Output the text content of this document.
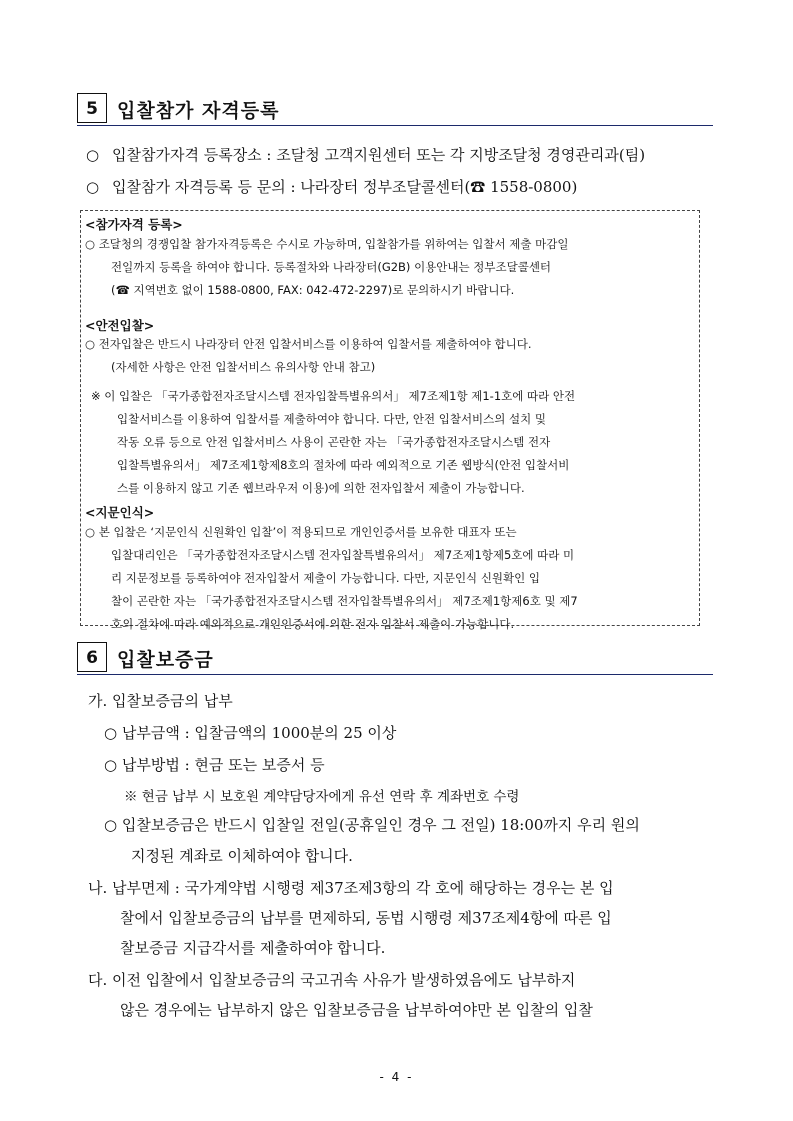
5	입찰참가 자격등록
○ 입찰참가자격 등록장소 : 조달청 고객지원센터 또는 각 지방조달청 경영관리과(팀)
○ 입찰참가 자격등록 등 문의 : 나라장터 정부조달콜센터(☎ 1558-0800)
<참가자격 등록>
○ 조달청의 경쟁입찰 참가자격등록은 수시로 가능하며, 입찰참가를 위하여는 입찰서 제출 마감일
전일까지 등록을 하여야 합니다. 등록절차와 나라장터(G2B) 이용안내는 정부조달콜센터
(☎ 지역번호 없이 1588-0800, FAX: 042-472-2297)로 문의하시기 바랍니다.
<안전입찰>
○ 전자입찰은 반드시 나라장터 안전 입찰서비스를 이용하여 입찰서를 제출하여야 합니다.
(자세한 사항은 안전 입찰서비스 유의사항 안내 참고)
※ 이 입찰은 「국가종합전자조달시스템 전자입찰특별유의서」 제7조제1항 제1-1호에 따라 안전
입찰서비스를 이용하여 입찰서를 제출하여야 합니다. 다만, 안전 입찰서비스의 설치 및
작동 오류 등으로 안전 입찰서비스 사용이 곤란한 자는 「국가종합전자조달시스템 전자
입찰특별유의서」 제7조제1항제8호의 절차에 따라 예외적으로 기존 웹방식(안전 입찰서비
스를 이용하지 않고 기존 웹브라우저 이용)에 의한 전자입찰서 제출이 가능합니다.
<지문인식>
○ 본 입찰은 ‘지문인식 신원확인 입찰’이 적용되므로 개인인증서를 보유한 대표자 또는
입찰대리인은 「국가종합전자조달시스템 전자입찰특별유의서」 제7조제1항제5호에 따라 미
리 지문정보를 등록하여야 전자입찰서 제출이 가능합니다. 다만, 지문인식 신원확인 입
찰이 곤란한 자는 「국가종합전자조달시스템 전자입찰특별유의서」 제7조제1항제6호 및 제7
호의 절차에 따라 예외적으로 개인인증서에 의한 전자 입찰서 제출이 가능합니다.
6	입찰보증금
가. 입찰보증금의 납부
○ 납부금액 : 입찰금액의 1000분의 25 이상
○ 납부방법 : 현금 또는 보증서 등
※ 현금 납부 시 보호원 계약담당자에게 유선 연락 후 계좌번호 수령
○ 입찰보증금은 반드시 입찰일 전일(공휴일인 경우 그 전일) 18:00까지 우리 원의
지정된 계좌로 이체하여야 합니다.
나. 납부면제 : 국가계약법 시행령 제37조제3항의 각 호에 해당하는 경우는 본 입
찰에서 입찰보증금의 납부를 면제하되, 동법 시행령 제37조제4항에 따른 입
찰보증금 지급각서를 제출하여야 합니다.
다. 이전 입찰에서 입찰보증금의 국고귀속 사유가 발생하였음에도 납부하지
않은 경우에는 납부하지 않은 입찰보증금을 납부하여야만 본 입찰의 입찰
- 4 -
